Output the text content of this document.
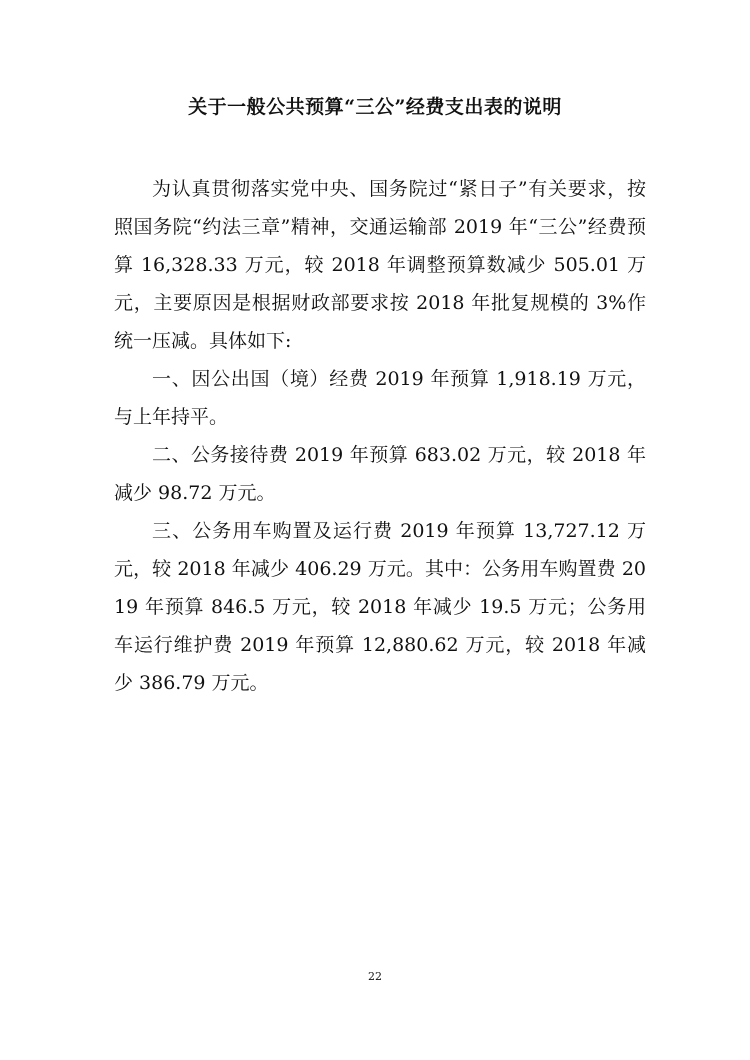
关于一般公共预算“三公”经费支出表的说明

为认真贯彻落实党中央、国务院过“紧日子”有关要求，按照国务院“约法三章”精神，交通运输部 2019 年“三公”经费预算 16,328.33 万元，较 2018 年调整预算数减少 505.01 万元，主要原因是根据财政部要求按 2018 年批复规模的 3%作统一压减。具体如下:

一、因公出国（境）经费 2019 年预算 1,918.19 万元，与上年持平。

二、公务接待费 2019 年预算 683.02 万元，较 2018 年减少 98.72 万元。

三、公务用车购置及运行费 2019 年预算 13,727.12 万元，较 2018 年减少 406.29 万元。其中：公务用车购置费 2019 年预算 846.5 万元，较 2018 年减少 19.5 万元；公务用车运行维护费 2019 年预算 12,880.62 万元，较 2018 年减少 386.79 万元。

22
